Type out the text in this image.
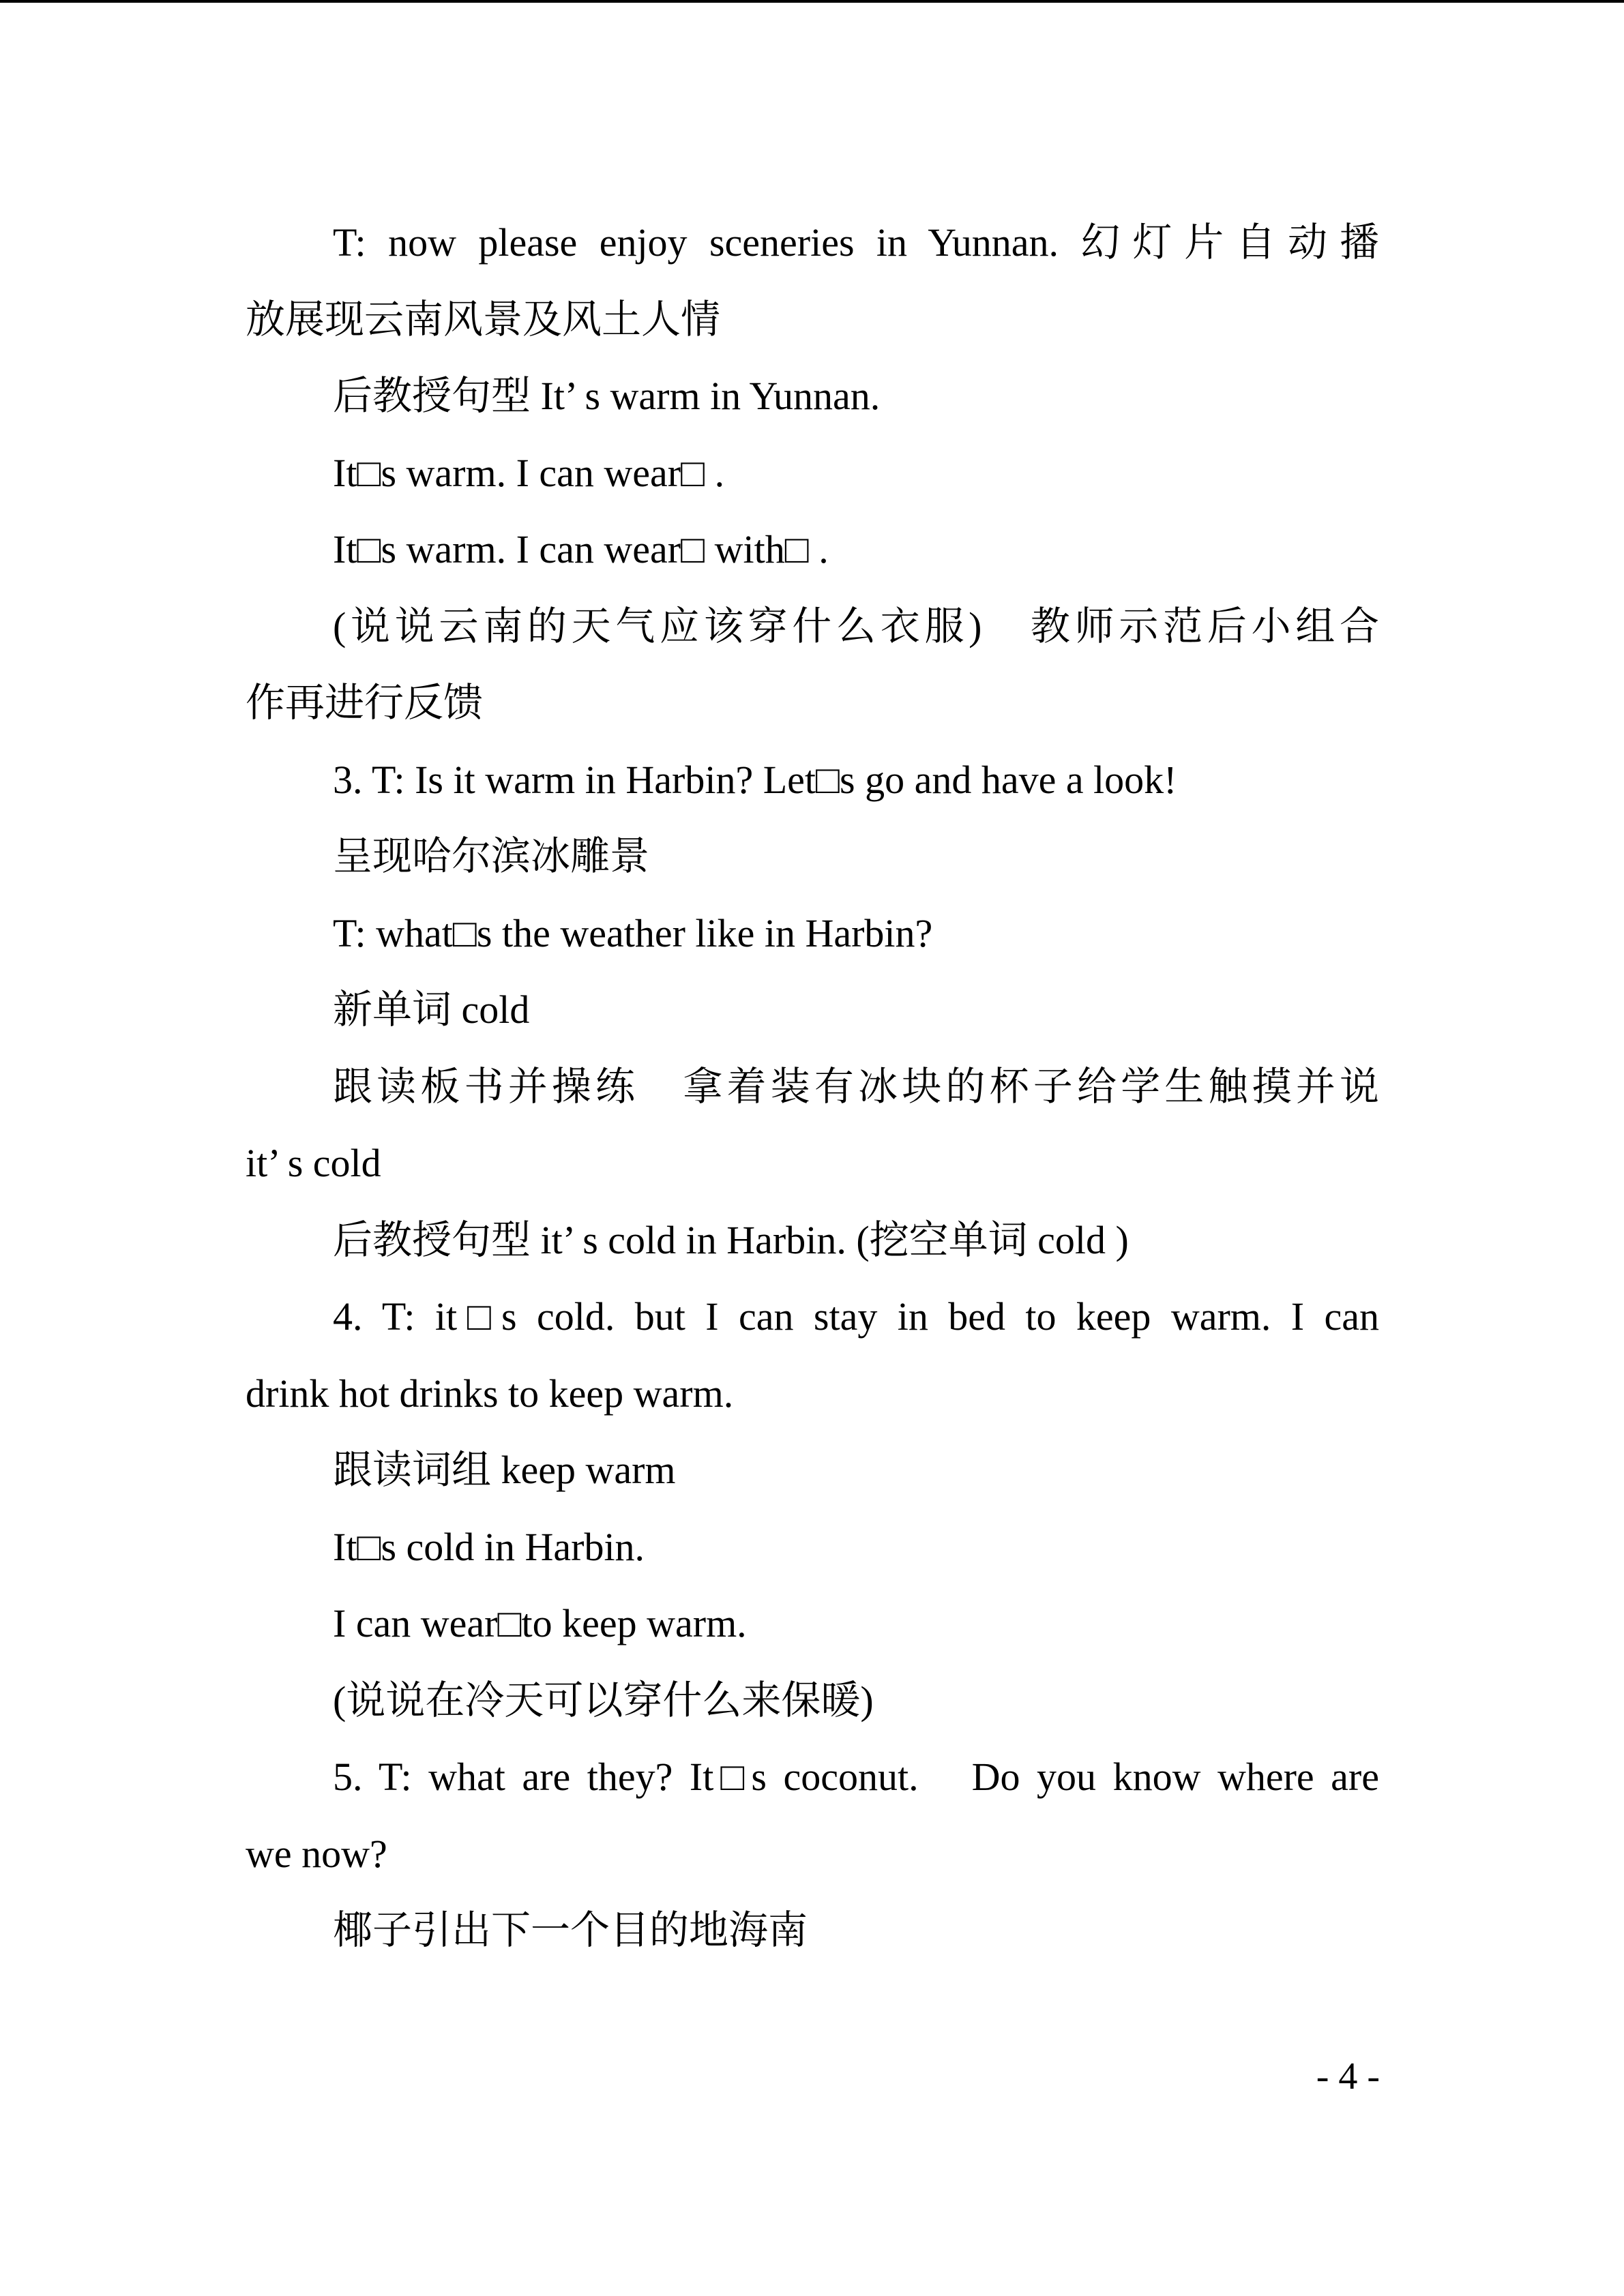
T: now please enjoy sceneries in Yunnan. 幻灯片自动播
放展现云南风景及风土人情
后教授句型 It’ s warm in Yunnan.
It□s warm. I can wear□ .
It□s warm. I can wear□ with□ .
(说说云南的天气应该穿什么衣服)　教师示范后小组合
作再进行反馈
3. T: Is it warm in Harbin? Let□s go and have a look!
呈现哈尔滨冰雕景
T: what□s the weather like in Harbin?
新单词 cold
跟读板书并操练　拿着装有冰块的杯子给学生触摸并说
it’ s cold
后教授句型 it’ s cold in Harbin. (挖空单词 cold )
4. T: it□s cold. but I can stay in bed to keep warm. I can
drink hot drinks to keep warm.
跟读词组 keep warm
It□s cold in Harbin.
I can wear□to keep warm.
(说说在冷天可以穿什么来保暖)
5. T: what are they? It□s coconut.　Do you know where are
we now?
椰子引出下一个目的地海南
- 4 -
